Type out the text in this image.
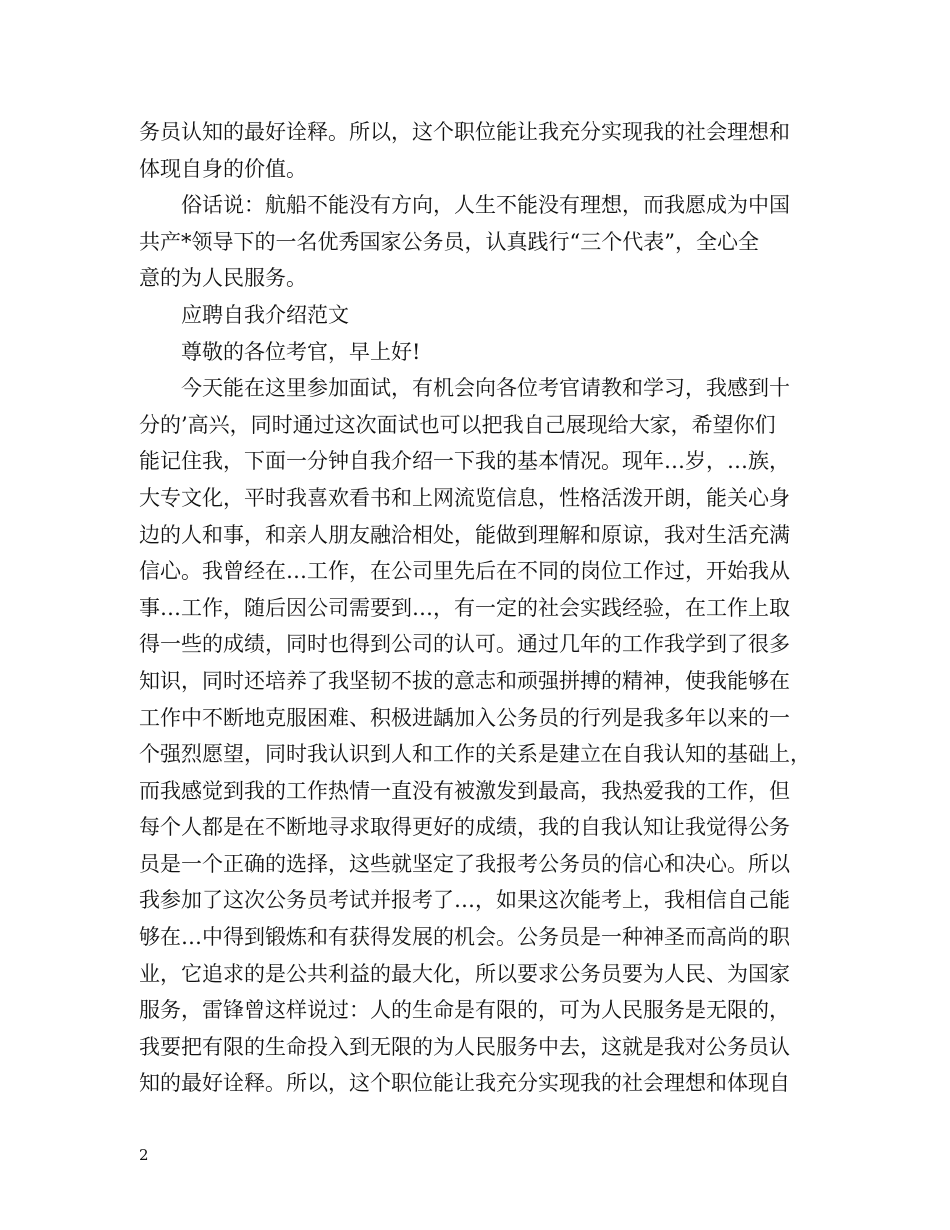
务员认知的最好诠释。所以，这个职位能让我充分实现我的社会理想和
体现自身的价值。
俗话说：航船不能没有方向，人生不能没有理想，而我愿成为中国
共产*领导下的一名优秀国家公务员，认真践行“三个代表”，全心全
意的为人民服务。
应聘自我介绍范文
尊敬的各位考官，早上好!
今天能在这里参加面试，有机会向各位考官请教和学习，我感到十
分的’高兴，同时通过这次面试也可以把我自己展现给大家，希望你们
能记住我，下面一分钟自我介绍一下我的基本情况。现年…岁，…族，
大专文化，平时我喜欢看书和上网流览信息，性格活泼开朗，能关心身
边的人和事，和亲人朋友融洽相处，能做到理解和原谅，我对生活充满
信心。我曾经在…工作，在公司里先后在不同的岗位工作过，开始我从
事…工作，随后因公司需要到…，有一定的社会实践经验，在工作上取
得一些的成绩，同时也得到公司的认可。通过几年的工作我学到了很多
知识，同时还培养了我坚韧不拔的意志和顽强拼搏的精神，使我能够在
工作中不断地克服困难、积极进龋加入公务员的行列是我多年以来的一
个强烈愿望，同时我认识到人和工作的关系是建立在自我认知的基础上，
而我感觉到我的工作热情一直没有被激发到最高，我热爱我的工作，但
每个人都是在不断地寻求取得更好的成绩，我的自我认知让我觉得公务
员是一个正确的选择，这些就坚定了我报考公务员的信心和决心。所以
我参加了这次公务员考试并报考了…，如果这次能考上，我相信自己能
够在…中得到锻炼和有获得发展的机会。公务员是一种神圣而高尚的职
业，它追求的是公共利益的最大化，所以要求公务员要为人民、为国家
服务，雷锋曾这样说过：人的生命是有限的，可为人民服务是无限的，
我要把有限的生命投入到无限的为人民服务中去，这就是我对公务员认
知的最好诠释。所以，这个职位能让我充分实现我的社会理想和体现自
2
